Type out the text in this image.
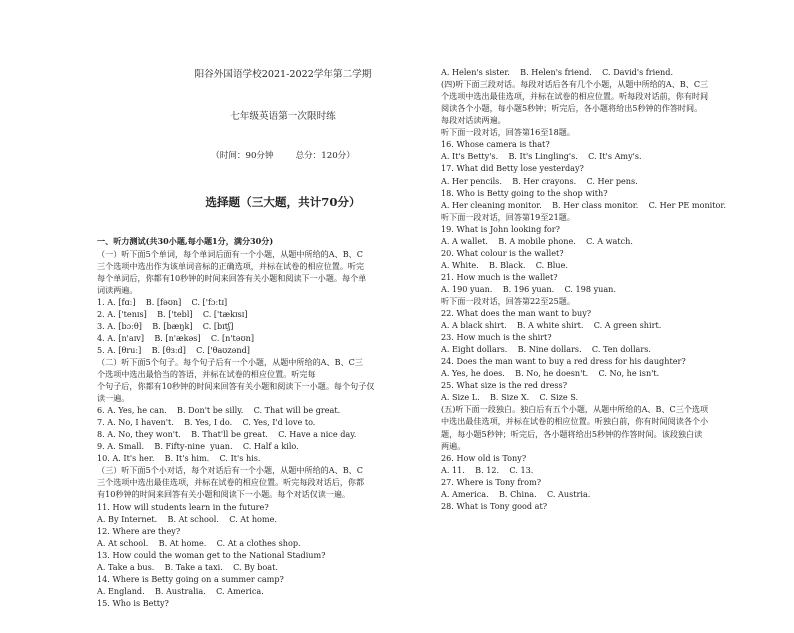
阳谷外国语学校2021-2022学年第二学期

七年级英语第一次限时练

（时间：90分钟        总分：120分）

选择题（三大题，共计70分）

一、听力测试(共30小题,每小题1分，满分30分)
（一）听下面5个单词，每个单词后面有一个小题，从题中所给的A、B、C
三个选项中选出作为该单词音标的正确选项，并标在试卷的相应位置。听完
每个单词后，你都有10秒钟的时间来回答有关小题和阅读下一小题。每个单
词读两遍。
1. A. [fɑː]    B. [fəʊn]    C. ['fɔːtɪ]
2. A. ['tenɪs]    B. ['tebl]    C. ['tækɪsɪ]
3. A. [bɔːθ]    B. [bæŋk]    C. [bɪtʃ]
4. A. [n'aɪv]    B. [n'ækəs]    C. [n'təʊn]
5. A. [θruː]    B. [θɜːd]    C. ['θaʊzənd]
（二）听下面5个句子。每个句子后有一个小题，从题中所给的A、B、C三
个选项中选出最恰当的答语，并标在试卷的相应位置。听完每
个句子后，你都有10秒钟的时间来回答有关小题和阅读下一小题。每个句子仅
读一遍。
6. A. Yes, he can.    B. Don't be silly.    C. That will be great.
7. A. No, I haven't.    B. Yes, I do.    C. Yes, I'd love to.
8. A. No, they won't.    B. That'll be great.    C. Have a nice day.
9. A. Small.    B. Fifty-nine  yuan.    C. Half a kilo.
10. A. It's her.    B. It's him.    C. It's his.
（三）听下面5个小对话，每个对话后有一个小题，从题中所给的A、B、C
三个选项中选出最佳选项，并标在试卷的相应位置。听完每段对话后，你都
有10秒钟的时间来回答有关小题和阅读下一小题。每个对话仅读一遍。
11. How will students learn in the future?
A. By Internet.    B. At school.    C. At home.
12. Where are they?
A. At school.    B. At home.    C. At a clothes shop.
13. How could the woman get to the National Stadium?
A. Take a bus.    B. Take a taxi.    C. By boat.
14. Where is Betty going on a summer camp?
A. England.    B. Australia.    C. America.
15. Who is Betty?

A. Helen's sister.    B. Helen's friend.    C. David's friend.
(四)听下面三段对话。每段对话后各有几个小题，从题中所给的A、B、C三
个选项中选出最佳选项，并标在试卷的相应位置。听每段对话前，你有时间
阅读各个小题，每小题5秒钟；听完后，各小题将给出5秒钟的作答时间。
每段对话读两遍。
听下面一段对话，回答第16至18题。
16. Whose camera is that?
A. It's Betty's.    B. It's Lingling's.    C. It's Amy's.
17. What did Betty lose yesterday?
A. Her pencils.    B. Her crayons.    C. Her pens.
18. Who is Betty going to the shop with?
A. Her cleaning monitor.    B. Her class monitor.    C. Her PE monitor.
听下面一段对话，回答第19至21题。
19. What is John looking for?
A. A wallet.    B. A mobile phone.    C. A watch.
20. What colour is the wallet?
A. White.    B. Black.    C. Blue.
21. How much is the wallet?
A. 190 yuan.    B. 196 yuan.    C. 198 yuan.
听下面一段对话，回答第22至25题。
22. What does the man want to buy?
A. A black shirt.    B. A white shirt.    C. A green shirt.
23. How much is the shirt?
A. Eight dollars.    B. Nine dollars.    C. Ten dollars.
24. Does the man want to buy a red dress for his daughter?
A. Yes, he does.    B. No, he doesn't.    C. No, he isn't.
25. What size is the red dress?
A. Size L.    B. Size X.    C. Size S.
(五)听下面一段独白。独白后有五个小题，从题中所给的A、B、C三个选项
中选出最佳选项，并标在试卷的相应位置。听独白前，你有时间阅读各个小
题，每小题5秒钟；听完后，各小题将给出5秒钟的作答时间。该段独白读
两遍。
26. How old is Tony?
A. 11.    B. 12.    C. 13.
27. Where is Tony from?
A. America.    B. China.    C. Austria.
28. What is Tony good at?
